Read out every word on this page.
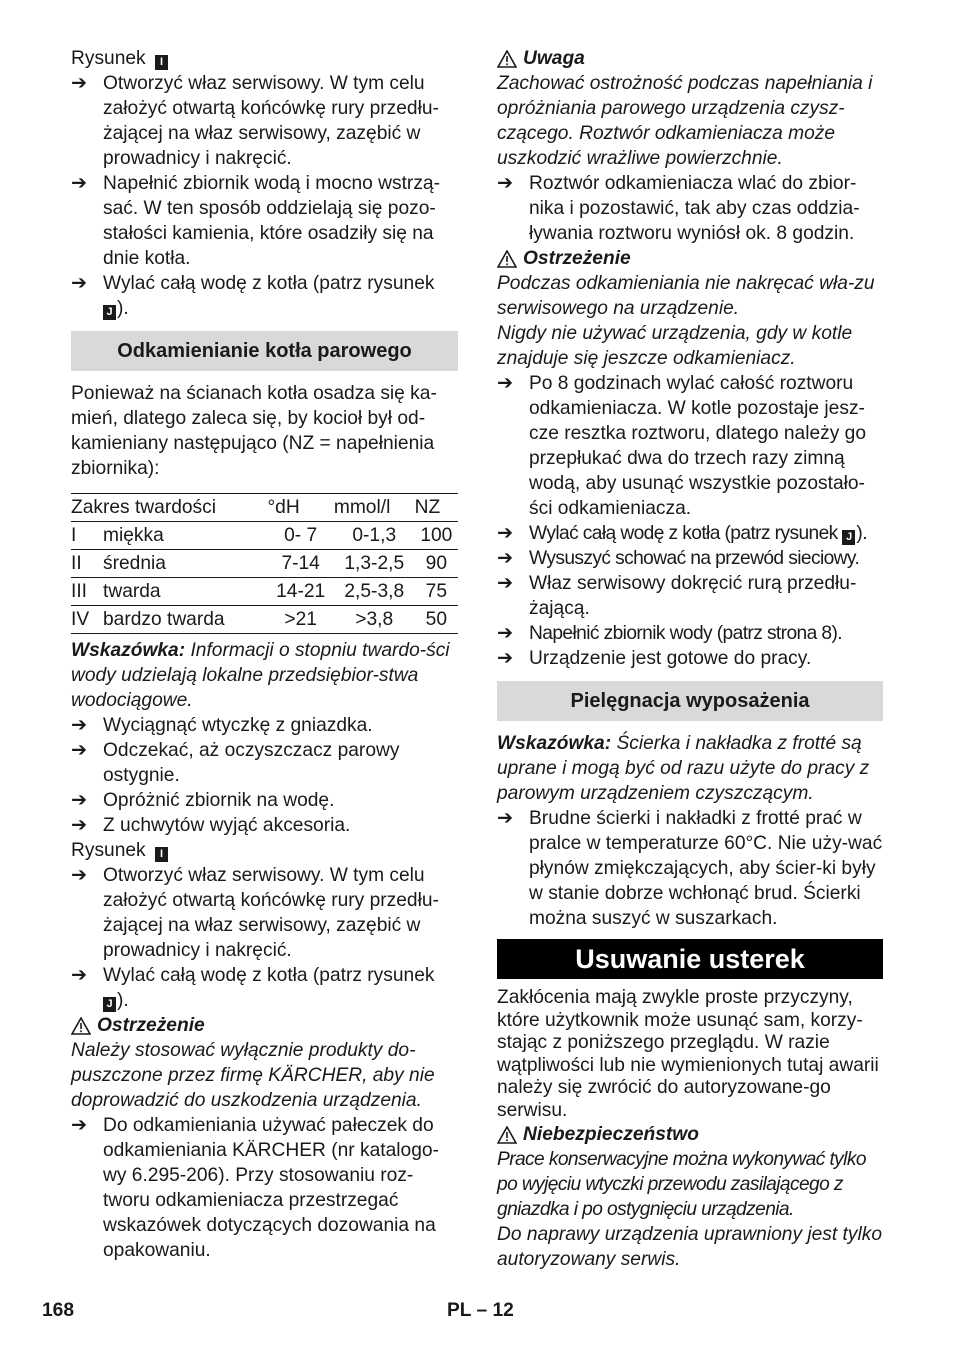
Rysunek I

➔ Otworzyć właz serwisowy. W tym celu założyć otwartą końcówkę rury przedłu-żającej na właz serwisowy, zazębić w prowadnicy i nakręcić.

➔ Napełnić zbiornik wodą i mocno wstrzą-sać. W ten sposób oddzielają się pozo-stałości kamienia, które osadziły się na dnie kotła.

➔ Wylać całą wodę z kotła (patrz rysunek
J ).

Odkamienianie kotła parowego

Ponieważ na ścianach kotła osadza się ka-mień, dlatego zaleca się, by kocioł był od-kamieniany następująco (NZ = napełnienia zbiornika):

Zakres twardości		°dH	mmol/l	NZ
I	miękka	0- 7	0-1,3	100
II	średnia	7-14	1,3-2,5	90
III	twarda	14-21	2,5-3,8	75
IV	bardzo twarda	>21	>3,8	50

Wskazówka: Informacji o stopniu twardo-ści wody udzielają lokalne przedsiębior-stwa wodociągowe.

➔ Wyciągnąć wtyczkę z gniazdka.

➔ Odczekać, aż oczyszczacz parowy ostygnie.

➔ Opróżnić zbiornik na wodę.

➔ Z uchwytów wyjąć akcesoria.

Rysunek I

➔ Otworzyć właz serwisowy. W tym celu założyć otwartą końcówkę rury przedłu-żającej na właz serwisowy, zazębić w prowadnicy i nakręcić.

➔ Wylać całą wodę z kotła (patrz rysunek
J ).

Ostrzeżenie

Należy stosować wyłącznie produkty do-puszczone przez firmę KÄRCHER, aby nie doprowadzić do uszkodzenia urządzenia.

➔ Do odkamieniania używać pałeczek do odkamieniania KÄRCHER (nr katalogo-wy 6.295-206). Przy stosowaniu roz-tworu odkamieniacza przestrzegać wskazówek dotyczących dozowania na opakowaniu.

Uwaga

Zachować ostrożność podczas napełniania i opróżniania parowego urządzenia czysz-czącego. Roztwór odkamieniacza może uszkodzić wrażliwe powierzchnie.

➔ Roztwór odkamieniacza wlać do zbior-nika i pozostawić, tak aby czas oddzia-ływania roztworu wyniósł ok. 8 godzin.

Ostrzeżenie

Podczas odkamieniania nie nakręcać wła-zu serwisowego na urządzenie.

Nigdy nie używać urządzenia, gdy w kotle znajduje się jeszcze odkamieniacz.

➔ Po 8 godzinach wylać całość roztworu odkamieniacza. W kotle pozostaje jesz-cze resztka roztworu, dlatego należy go przepłukać dwa do trzech razy zimną wodą, aby usunąć wszystkie pozostało-ści odkamieniacza.

➔ Wylać całą wodę z kotła (patrz rysunek J ).

➔ Wysuszyć schować na przewód sieciowy.

➔ Właz serwisowy dokręcić rurą przedłu-żającą.

➔ Napełnić zbiornik wody (patrz strona 8).

➔ Urządzenie jest gotowe do pracy.

Pielęgnacja wyposażenia

Wskazówka: Ścierka i nakładka z frotté są uprane i mogą być od razu użyte do pracy z parowym urządzeniem czyszczącym.

➔ Brudne ścierki i nakładki z frotté prać w pralce w temperaturze 60°C. Nie uży-wać płynów zmiękczających, aby ścier-ki były w stanie dobrze wchłonąć brud. Ścierki można suszyć w suszarkach.

Usuwanie usterek

Zakłócenia mają zwykle proste przyczyny, które użytkownik może usunąć sam, korzy-stając z poniższego przeglądu. W razie wątpliwości lub nie wymienionych tutaj awarii należy się zwrócić do autoryzowane-go serwisu.

Niebezpieczeństwo

Prace konserwacyjne można wykonywać tylko po wyjęciu wtyczki przewodu zasilającego z gniazdka i po ostygnięciu urządzenia.

Do naprawy urządzenia uprawniony jest tylko autoryzowany serwis.

168	PL – 12
